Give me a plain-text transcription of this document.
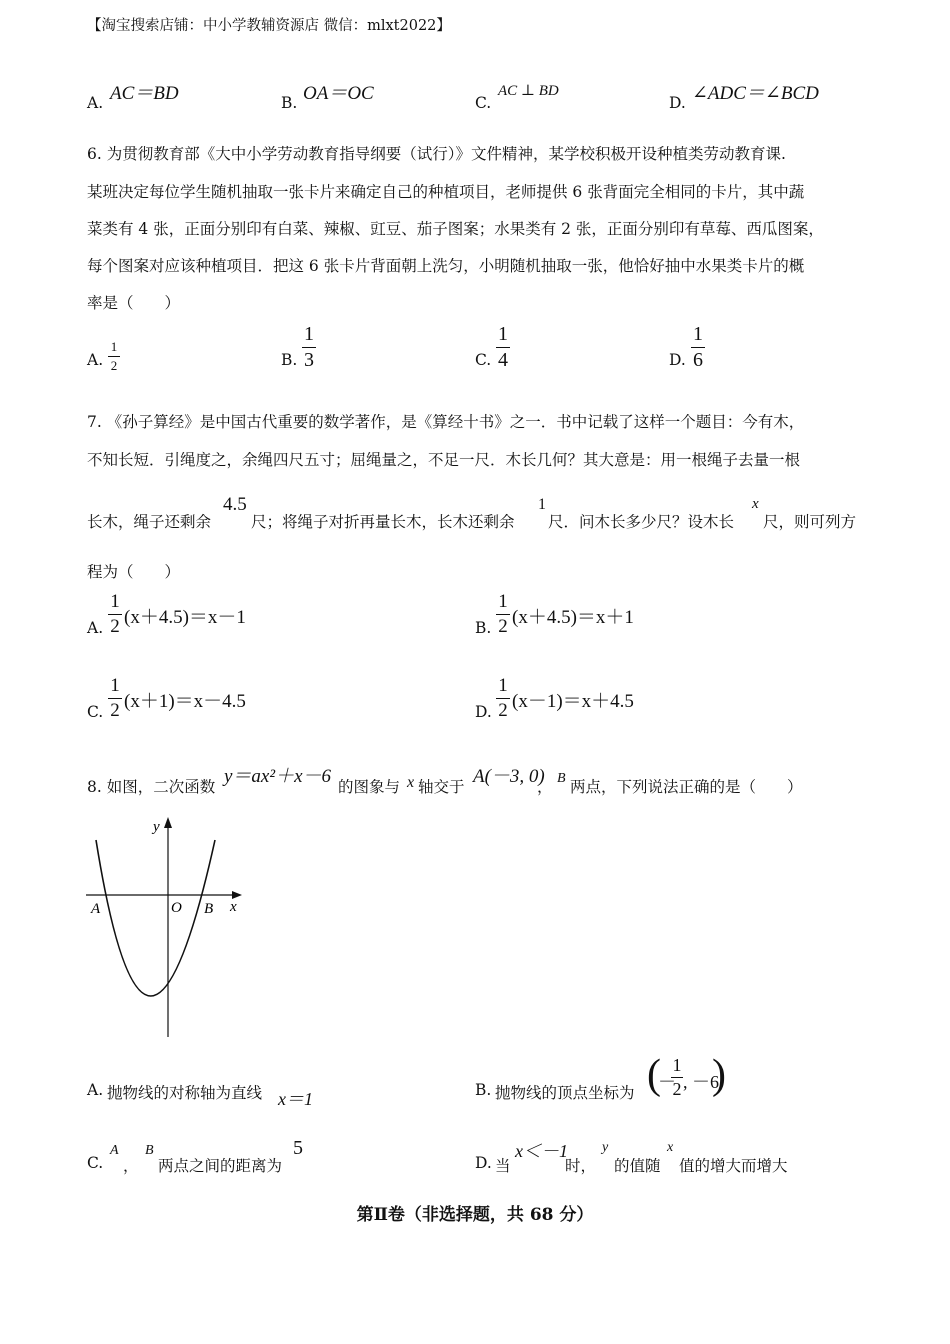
【淘宝搜索店铺：中小学教辅资源店 微信：mlxt2022】
A. AC＝BD	B. OA＝OC	C.
AC ⊥ BD
D. ∠ADC＝∠BCD
6. 为贯彻教育部《大中小学劳动教育指导纲要（试行）》文件精神，某学校积极开设种植类劳动教育课.
某班决定每位学生随机抽取一张卡片来确定自己的种植项目，老师提供 6 张背面完全相同的卡片，其中蔬
菜类有 4 张，正面分别印有白菜、辣椒、豇豆、茄子图案；水果类有 2 张，正面分别印有草莓、西瓜图案，
每个图案对应该种植项目．把这 6 张卡片背面朝上洗匀，小明随机抽取一张，他恰好抽中水果类卡片的概
率是（　　）
A.
1
2	B.
1
3	C.
1
4	D.
1
6
7. 《孙子算经》是中国古代重要的数学著作，是《算经十书》之一．书中记载了这样一个题目：今有木，
不知长短．引绳度之，余绳四尺五寸；屈绳量之，不足一尺．木长几何？其大意是：用一根绳子去量一根
长木，绳子还剩余
4.5
尺；将绳子对折再量长木，长木还剩余
1
尺．问木长多少尺？设木长
x
尺，则可列方
程为（　　）
A.
1
2 (x＋4.5)＝x－1	B.
1
2 (x＋4.5)＝x＋1
C.
1
2 (x＋1)＝x－4.5	D.
1
2 (x－1)＝x＋4.5
8. 如图，二次函数 y＝ax²＋x－6 的图象与 x 轴交于 A(－3, 0)
， B 两点，下列说法正确的是（　　）
y
x
A	O B
A. 抛物线的对称轴为直线 x＝1	B. 抛物线的顶点坐标为 (
－
1
2 , －6
)
C.
A
，
B
两点之间的距离为
5
D. 当
x＜－1
时，
y
的值随
x
值的增大而增大
第Ⅱ卷（非选择题，共 68 分）
